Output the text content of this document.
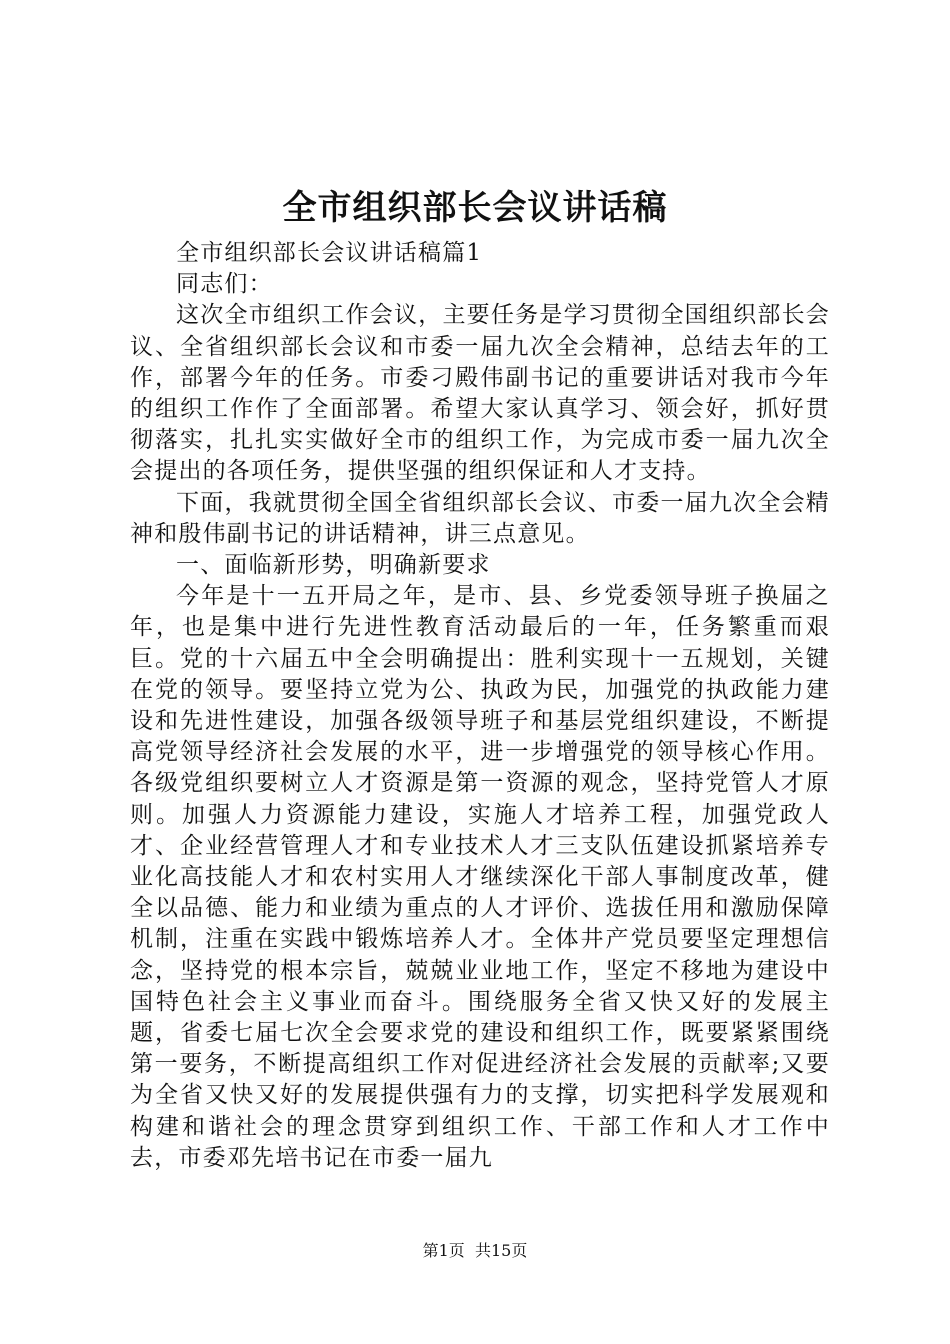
全市组织部长会议讲话稿

全市组织部长会议讲话稿篇1

同志们：

这次全市组织工作会议，主要任务是学习贯彻全国组织部长会议、全省组织部长会议和市委一届九次全会精神，总结去年的工作，部署今年的任务。市委刁殿伟副书记的重要讲话对我市今年的组织工作作了全面部署。希望大家认真学习、领会好，抓好贯彻落实，扎扎实实做好全市的组织工作，为完成市委一届九次全会提出的各项任务，提供坚强的组织保证和人才支持。

下面，我就贯彻全国全省组织部长会议、市委一届九次全会精神和殷伟副书记的讲话精神，讲三点意见。

一、面临新形势，明确新要求

今年是十一五开局之年，是市、县、乡党委领导班子换届之年，也是集中进行先进性教育活动最后的一年，任务繁重而艰巨。党的十六届五中全会明确提出：胜利实现十一五规划，关键在党的领导。要坚持立党为公、执政为民，加强党的执政能力建设和先进性建设，加强各级领导班子和基层党组织建设，不断提高党领导经济社会发展的水平，进一步增强党的领导核心作用。各级党组织要树立人才资源是第一资源的观念，坚持党管人才原则。加强人力资源能力建设，实施人才培养工程，加强党政人才、企业经营管理人才和专业技术人才三支队伍建设抓紧培养专业化高技能人才和农村实用人才继续深化干部人事制度改革，健全以品德、能力和业绩为重点的人才评价、选拔任用和激励保障机制，注重在实践中锻炼培养人才。全体井产党员要坚定理想信念，坚持党的根本宗旨，兢兢业业地工作，坚定不移地为建设中国特色社会主义事业而奋斗。围绕服务全省又快又好的发展主题，省委七届七次全会要求党的建设和组织工作，既要紧紧围绕第一要务，不断提高组织工作对促进经济社会发展的贡献率;又要为全省又快又好的发展提供强有力的支撑，切实把科学发展观和构建和谐社会的理念贯穿到组织工作、干部工作和人才工作中去，市委邓先培书记在市委一届九

第1页 共15页
